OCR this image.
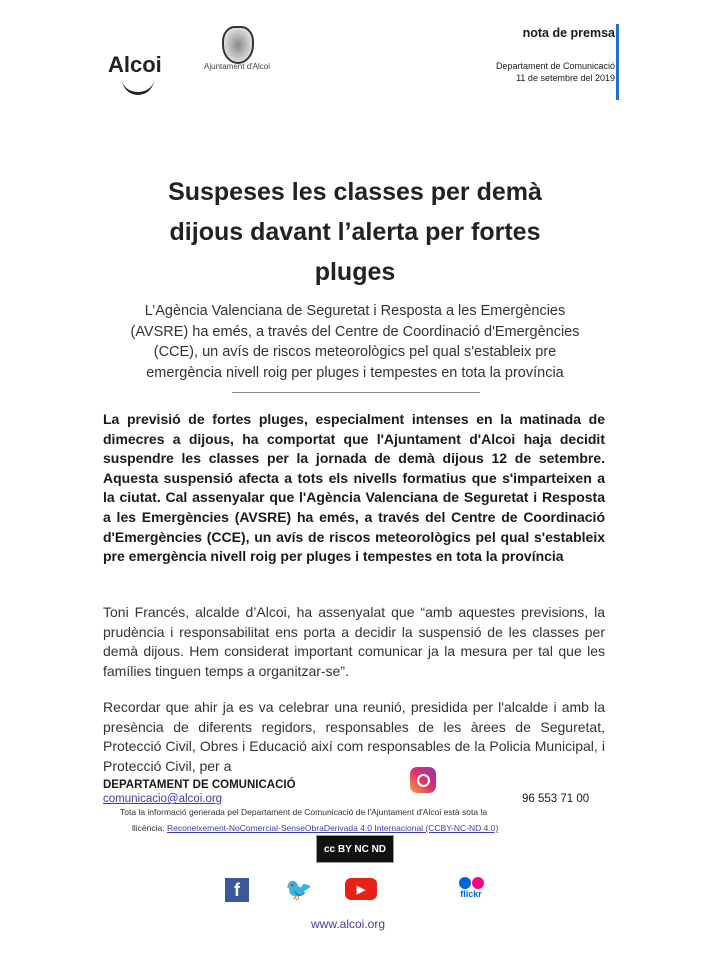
Alcoi	Ajuntament d'Alcoi
nota de premsa
Departament de Comunicació
11 de setembre del 2019
Suspeses les classes per demà dijous davant l’alerta per fortes pluges
L’Agència Valenciana de Seguretat i Resposta a les Emergències (AVSRE) ha emés, a través del Centre de Coordinació d'Emergències (CCE), un avís de riscos meteorològics pel qual s'estableix pre emergència nivell roig per pluges i tempestes en tota la província
La previsió de fortes pluges, especialment intenses en la matinada de dimecres a dijous, ha comportat que l'Ajuntament d'Alcoi haja decidit suspendre les classes per la jornada de demà dijous 12 de setembre. Aquesta suspensió afecta a tots els nivells formatius que s'imparteixen a la ciutat. Cal assenyalar que l'Agència Valenciana de Seguretat i Resposta a les Emergències (AVSRE) ha emés, a través del Centre de Coordinació d'Emergències (CCE), un avís de riscos meteorològics pel qual s'estableix pre emergència nivell roig per pluges i tempestes en tota la província
Toni Francés, alcalde d’Alcoi, ha assenyalat que “amb aquestes previsions, la prudència i responsabilitat ens porta a decidir la suspensió de les classes per demà dijous. Hem considerat important comunicar ja la mesura per tal que les famílies tinguen temps a organitzar-se”.
Recordar que ahir ja es va celebrar una reunió, presidida per l'alcalde i amb la presència de diferents regidors, responsables de les àrees de Seguretat, Protecció Civil, Obres i Educació així com responsables de la Policia Municipal, i Protecció Civil, per a
DEPARTAMENT DE COMUNICACIÓ
comunicacio@alcoi.org	96 553 71 00
Tota la informació generada pel Departament de Comunicació de l'Ajuntament d'Alcoi està sota la
llicència: Reconeixement-NoComercial-SenseObraDerivada 4.0 Internacional (CCBY-NC-ND 4.0)
cc BY NC ND
f	🐦	▶	flickr
www.alcoi.org
